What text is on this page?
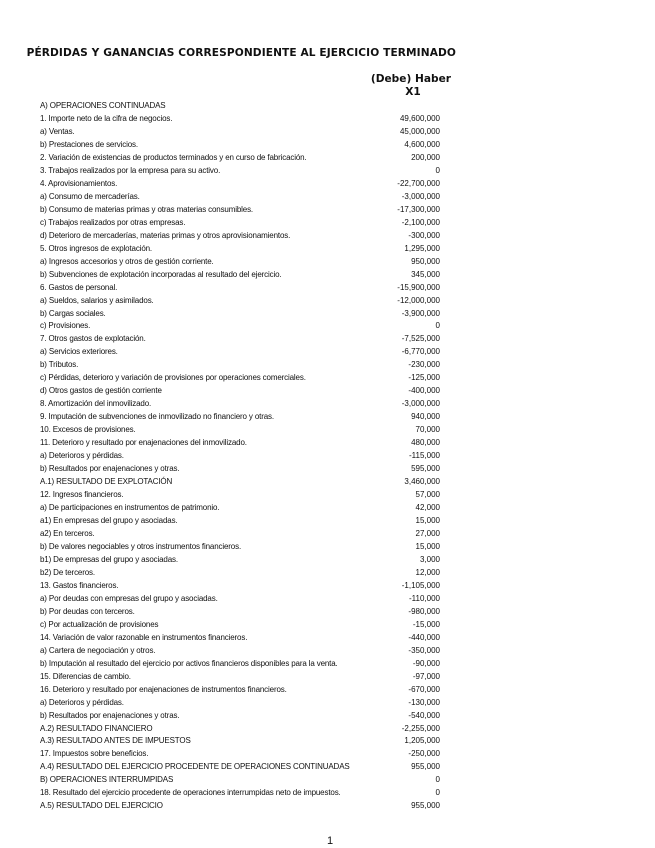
PÉRDIDAS Y GANANCIAS CORRESPONDIENTE AL EJERCICIO TERMINADO
(Debe) Haber
X1
A) OPERACIONES CONTINUADAS
1. Importe neto de la cifra de negocios.	49,600,000
a) Ventas.	45,000,000
b) Prestaciones de servicios.	4,600,000
2. Variación de existencias de productos terminados y en curso de fabricación.	200,000
3. Trabajos realizados por la empresa para su activo.	0
4. Aprovisionamientos.	-22,700,000
a) Consumo de mercaderías.	-3,000,000
b) Consumo de materias primas y otras materias consumibles.	-17,300,000
c) Trabajos realizados por otras empresas.	-2,100,000
d) Deterioro de mercaderías, materias primas y otros aprovisionamientos.	-300,000
5. Otros ingresos de explotación.	1,295,000
a) Ingresos accesorios y otros de gestión corriente.	950,000
b) Subvenciones de explotación incorporadas al resultado del ejercicio.	345,000
6. Gastos de personal.	-15,900,000
a) Sueldos, salarios y asimilados.	-12,000,000
b) Cargas sociales.	-3,900,000
c) Provisiones.	0
7. Otros gastos de explotación.	-7,525,000
a) Servicios exteriores.	-6,770,000
b) Tributos.	-230,000
c) Pérdidas, deterioro y variación de provisiones por operaciones comerciales.	-125,000
d) Otros gastos de gestión corriente	-400,000
8. Amortización del inmovilizado.	-3,000,000
9. Imputación de subvenciones de inmovilizado no financiero y otras.	940,000
10. Excesos de provisiones.	70,000
11. Deterioro y resultado por enajenaciones del inmovilizado.	480,000
a) Deterioros y pérdidas.	-115,000
b) Resultados por enajenaciones y otras.	595,000
A.1) RESULTADO DE EXPLOTACIÓN	3,460,000
12. Ingresos financieros.	57,000
a) De participaciones en instrumentos de patrimonio.	42,000
a1) En empresas del grupo y asociadas.	15,000
a2) En terceros.	27,000
b) De valores negociables y otros instrumentos financieros.	15,000
b1) De empresas del grupo y asociadas.	3,000
b2) De terceros.	12,000
13. Gastos financieros.	-1,105,000
a) Por deudas con empresas del grupo y asociadas.	-110,000
b) Por deudas con terceros.	-980,000
c) Por actualización de provisiones	-15,000
14. Variación de valor razonable en instrumentos financieros.	-440,000
a) Cartera de negociación y otros.	-350,000
b) Imputación al resultado del ejercicio por activos financieros disponibles para la venta.	-90,000
15. Diferencias de cambio.	-97,000
16. Deterioro y resultado por enajenaciones de instrumentos financieros.	-670,000
a) Deterioros y pérdidas.	-130,000
b) Resultados por enajenaciones y otras.	-540,000
A.2) RESULTADO FINANCIERO	-2,255,000
A.3) RESULTADO ANTES DE IMPUESTOS	1,205,000
17. Impuestos sobre beneficios.	-250,000
A.4) RESULTADO DEL EJERCICIO PROCEDENTE DE OPERACIONES CONTINUADAS	955,000
B) OPERACIONES INTERRUMPIDAS	0
18. Resultado del ejercicio procedente de operaciones interrumpidas neto de impuestos.	0
A.5) RESULTADO DEL EJERCICIO	955,000
1
